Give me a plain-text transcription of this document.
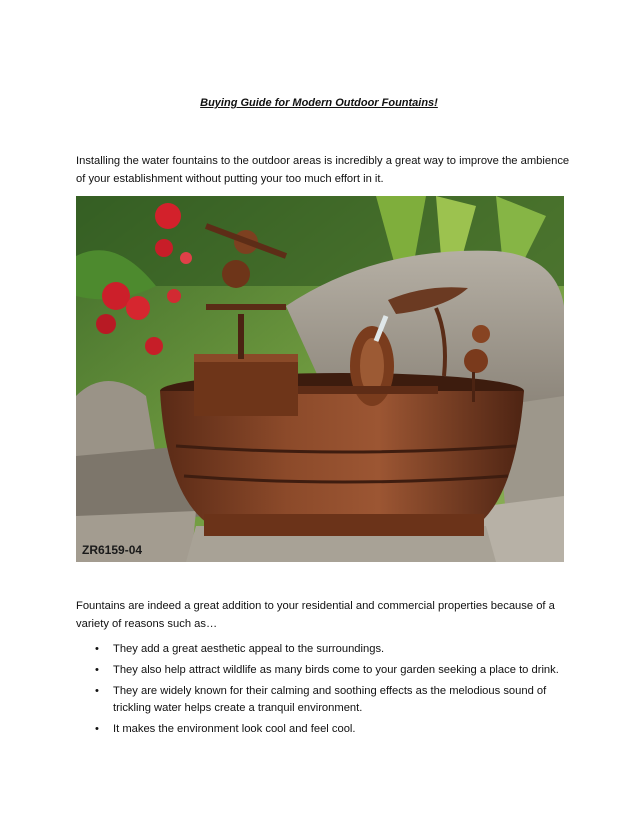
Buying Guide for Modern Outdoor Fountains!
Installing the water fountains to the outdoor areas is incredibly a great way to improve the ambience of your establishment without putting your too much effort in it.
ZR6159-04
Fountains are indeed a great addition to your residential and commercial properties because of a variety of reasons such as…
• They add a great aesthetic appeal to the surroundings.
• They also help attract wildlife as many birds come to your garden seeking a place to drink.
• They are widely known for their calming and soothing effects as the melodious sound of trickling water helps create a tranquil environment.
• It makes the environment look cool and feel cool.
